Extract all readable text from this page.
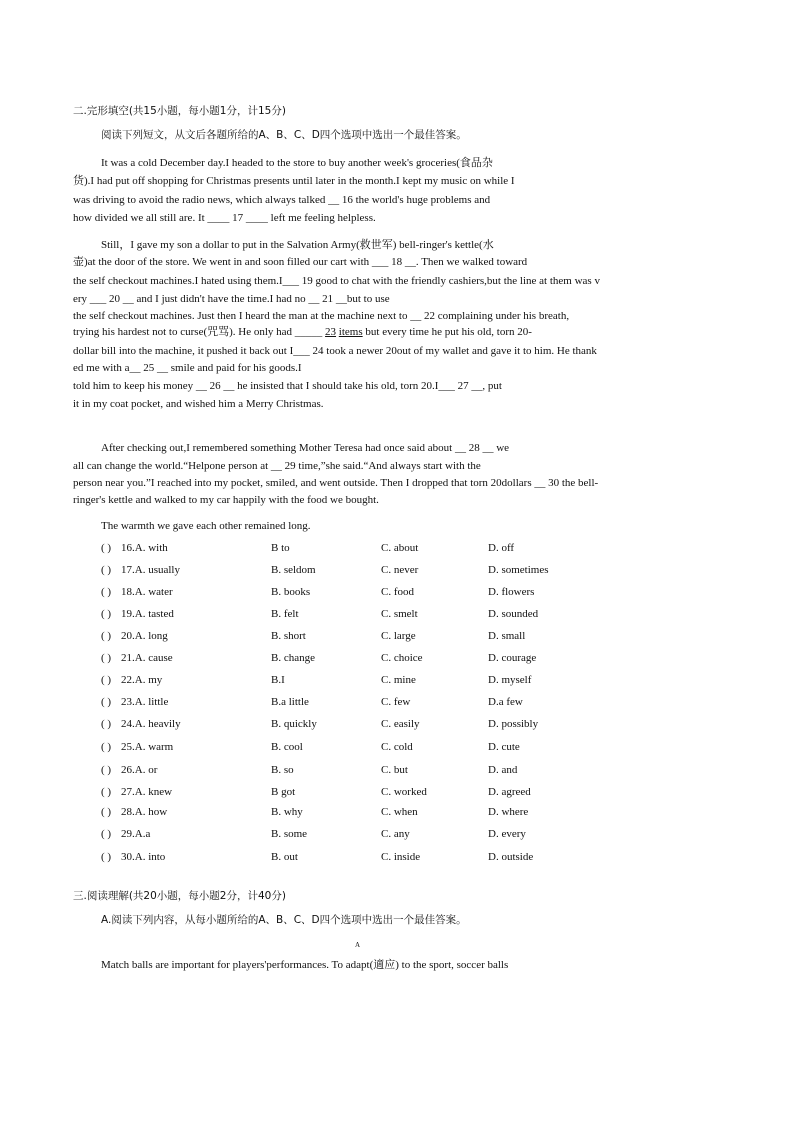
二.完形填空(共15小题，每小题1分，计15分)
阅读下列短文，从文后各题所给的A、B、C、D四个选项中选出一个最佳答案。
It was a cold December day.I headed to the store to buy another week's groceries(食品杂
货).I had put off shopping for Christmas presents until later in the month.I kept my music on while I
was driving to avoid the radio news, which always talked __ 16 the world's huge problems and
how divided we all still are. It ____ 17 ____ left me feeling helpless.
Still，I gave my son a dollar to put in the Salvation Army(救世军) bell-ringer's kettle(水
壶)at the door of the store. We went in and soon filled our cart with ___ 18 __. Then we walked toward
the self checkout machines.I hated using them.I___ 19 good to chat with the friendly cashiers,but the line at them was v
ery ___ 20 __ and I just didn't have the time.I had no __ 21 __but to use
the self checkout machines. Just then I heard the man at the machine next to __ 22 complaining under his breath,
trying his hardest not to curse(咒骂). He only had _____ 23 items but every time he put his old, torn 20-
dollar bill into the machine, it pushed it back out I___ 24 took a newer 20out of my wallet and gave it to him. He thank
ed me with a__ 25 __ smile and paid for his goods.I
told him to keep his money __ 26 __ he insisted that I should take his old, torn 20.I___ 27 __, put
it in my coat pocket, and wished him a Merry Christmas.
After checking out,I remembered something Mother Teresa had once said about __ 28 __ we
all can change the world.“Helpone person at __ 29 time,”she said.“And always start with the
person near you.”I reached into my pocket, smiled, and went outside. Then I dropped that torn 20dollars __ 30 the bell-
ringer's kettle and walked to my car happily with the food we bought.
The warmth we gave each other remained long.
( ) 16.A. with	B to	C. about	D. off
( ) 17.A. usually	B. seldom	C. never	D. sometimes
( ) 18.A. water	B. books	C. food	D. flowers
( ) 19.A. tasted	B. felt	C. smelt	D. sounded
( ) 20.A. long	B. short	C. large	D. small
( ) 21.A. cause	B. change	C. choice	D. courage
( ) 22.A. my	B.I	C. mine	D. myself
( ) 23.A. little	B.a little	C. few	D.a few
( ) 24.A. heavily	B. quickly	C. easily	D. possibly
( ) 25.A. warm	B. cool	C. cold	D. cute
( ) 26.A. or	B. so	C. but	D. and
( ) 27.A. knew	B got	C. worked	D. agreed
( ) 28.A. how	B. why	C. when	D. where
( ) 29.A.a	B. some	C. any	D. every
( ) 30.A. into	B. out	C. inside	D. outside
三.阅读理解(共20小题，每小题2分，计40分)
A.阅读下列内容，从每小题所给的A、B、C、D四个选项中选出一个最佳答案。
A
Match balls are important for players'performances. To adapt(適应) to the sport, soccer balls
